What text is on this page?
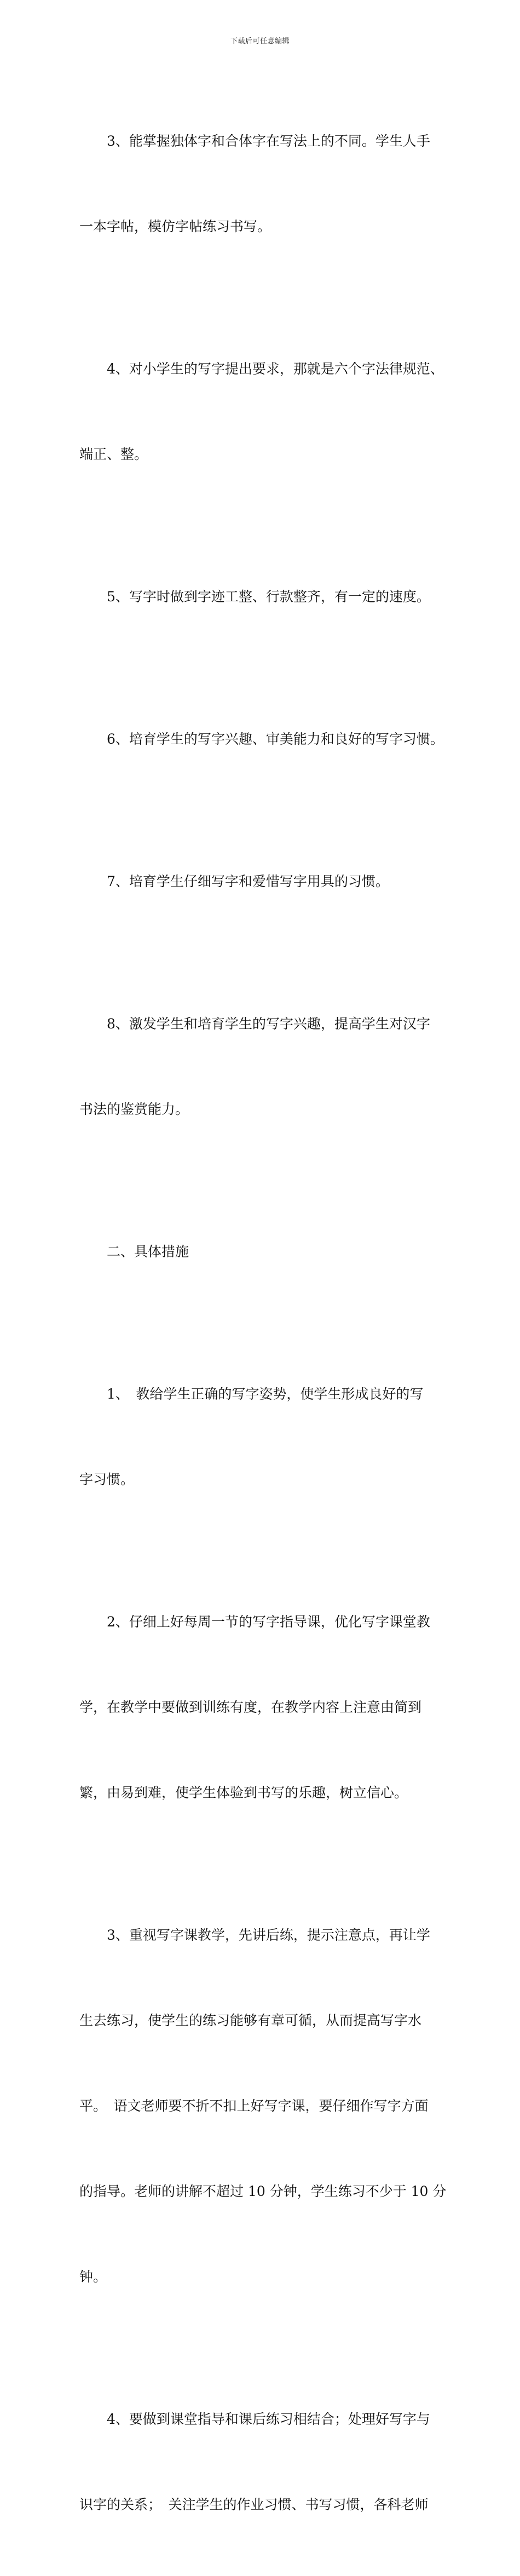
下载后可任意编辑

　　3、能掌握独体字和合体字在写法上的不同。学生人手

一本字帖，模仿字帖练习书写。

　　4、对小学生的写字提出要求，那就是六个字法律规范、

端正、整。

　　5、写字时做到字迹工整、行款整齐，有一定的速度。

　　6、培育学生的写字兴趣、审美能力和良好的写字习惯。

　　7、培育学生仔细写字和爱惜写字用具的习惯。

　　8、激发学生和培育学生的写字兴趣，提高学生对汉字

书法的鉴赏能力。

　　二、具体措施

　　1、　教给学生正确的写字姿势，使学生形成良好的写

字习惯。

　　2、仔细上好每周一节的写字指导课，优化写字课堂教

学，在教学中要做到训练有度，在教学内容上注意由简到

繁，由易到难，使学生体验到书写的乐趣，树立信心。

　　3、重视写字课教学，先讲后练，提示注意点，再让学

生去练习，使学生的练习能够有章可循，从而提高写字水

平。　语文老师要不折不扣上好写字课，要仔细作写字方面

的指导。老师的讲解不超过 10 分钟，学生练习不少于 10 分

钟。

　　4、要做到课堂指导和课后练习相结合；处理好写字与

识字的关系；　关注学生的作业习惯、书写习惯，各科老师
